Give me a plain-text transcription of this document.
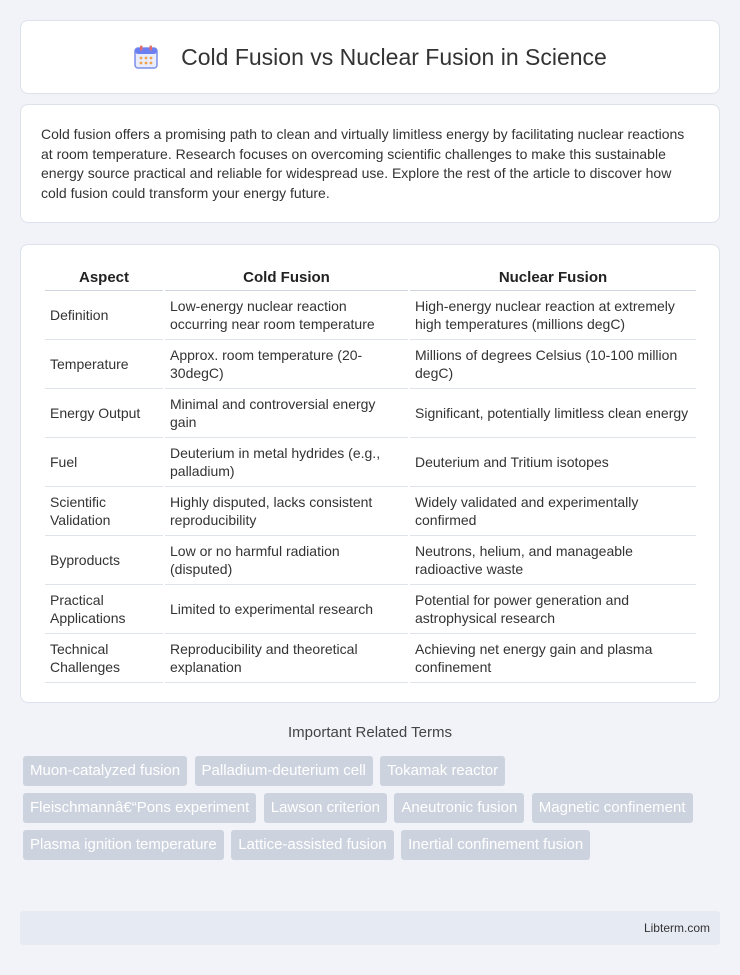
Cold Fusion vs Nuclear Fusion in Science

Cold fusion offers a promising path to clean and virtually limitless energy by facilitating nuclear reactions at room temperature. Research focuses on overcoming scientific challenges to make this sustainable energy source practical and reliable for widespread use. Explore the rest of the article to discover how cold fusion could transform your energy future.

Aspect	Cold Fusion	Nuclear Fusion
Definition	Low-energy nuclear reaction occurring near room temperature	High-energy nuclear reaction at extremely high temperatures (millions degC)
Temperature	Approx. room temperature (20-30degC)	Millions of degrees Celsius (10-100 million degC)
Energy Output	Minimal and controversial energy gain	Significant, potentially limitless clean energy
Fuel	Deuterium in metal hydrides (e.g., palladium)	Deuterium and Tritium isotopes
Scientific Validation	Highly disputed, lacks consistent reproducibility	Widely validated and experimentally confirmed
Byproducts	Low or no harmful radiation (disputed)	Neutrons, helium, and manageable radioactive waste
Practical Applications	Limited to experimental research	Potential for power generation and astrophysical research
Technical Challenges	Reproducibility and theoretical explanation	Achieving net energy gain and plasma confinement
Important Related Terms
Muon-catalyzed fusion Palladium-deuterium cell Tokamak reactor Fleischmannâ€“Pons experiment Lawson criterion Aneutronic fusion Magnetic confinement Plasma ignition temperature Lattice-assisted fusion Inertial confinement fusion
Libterm.com
